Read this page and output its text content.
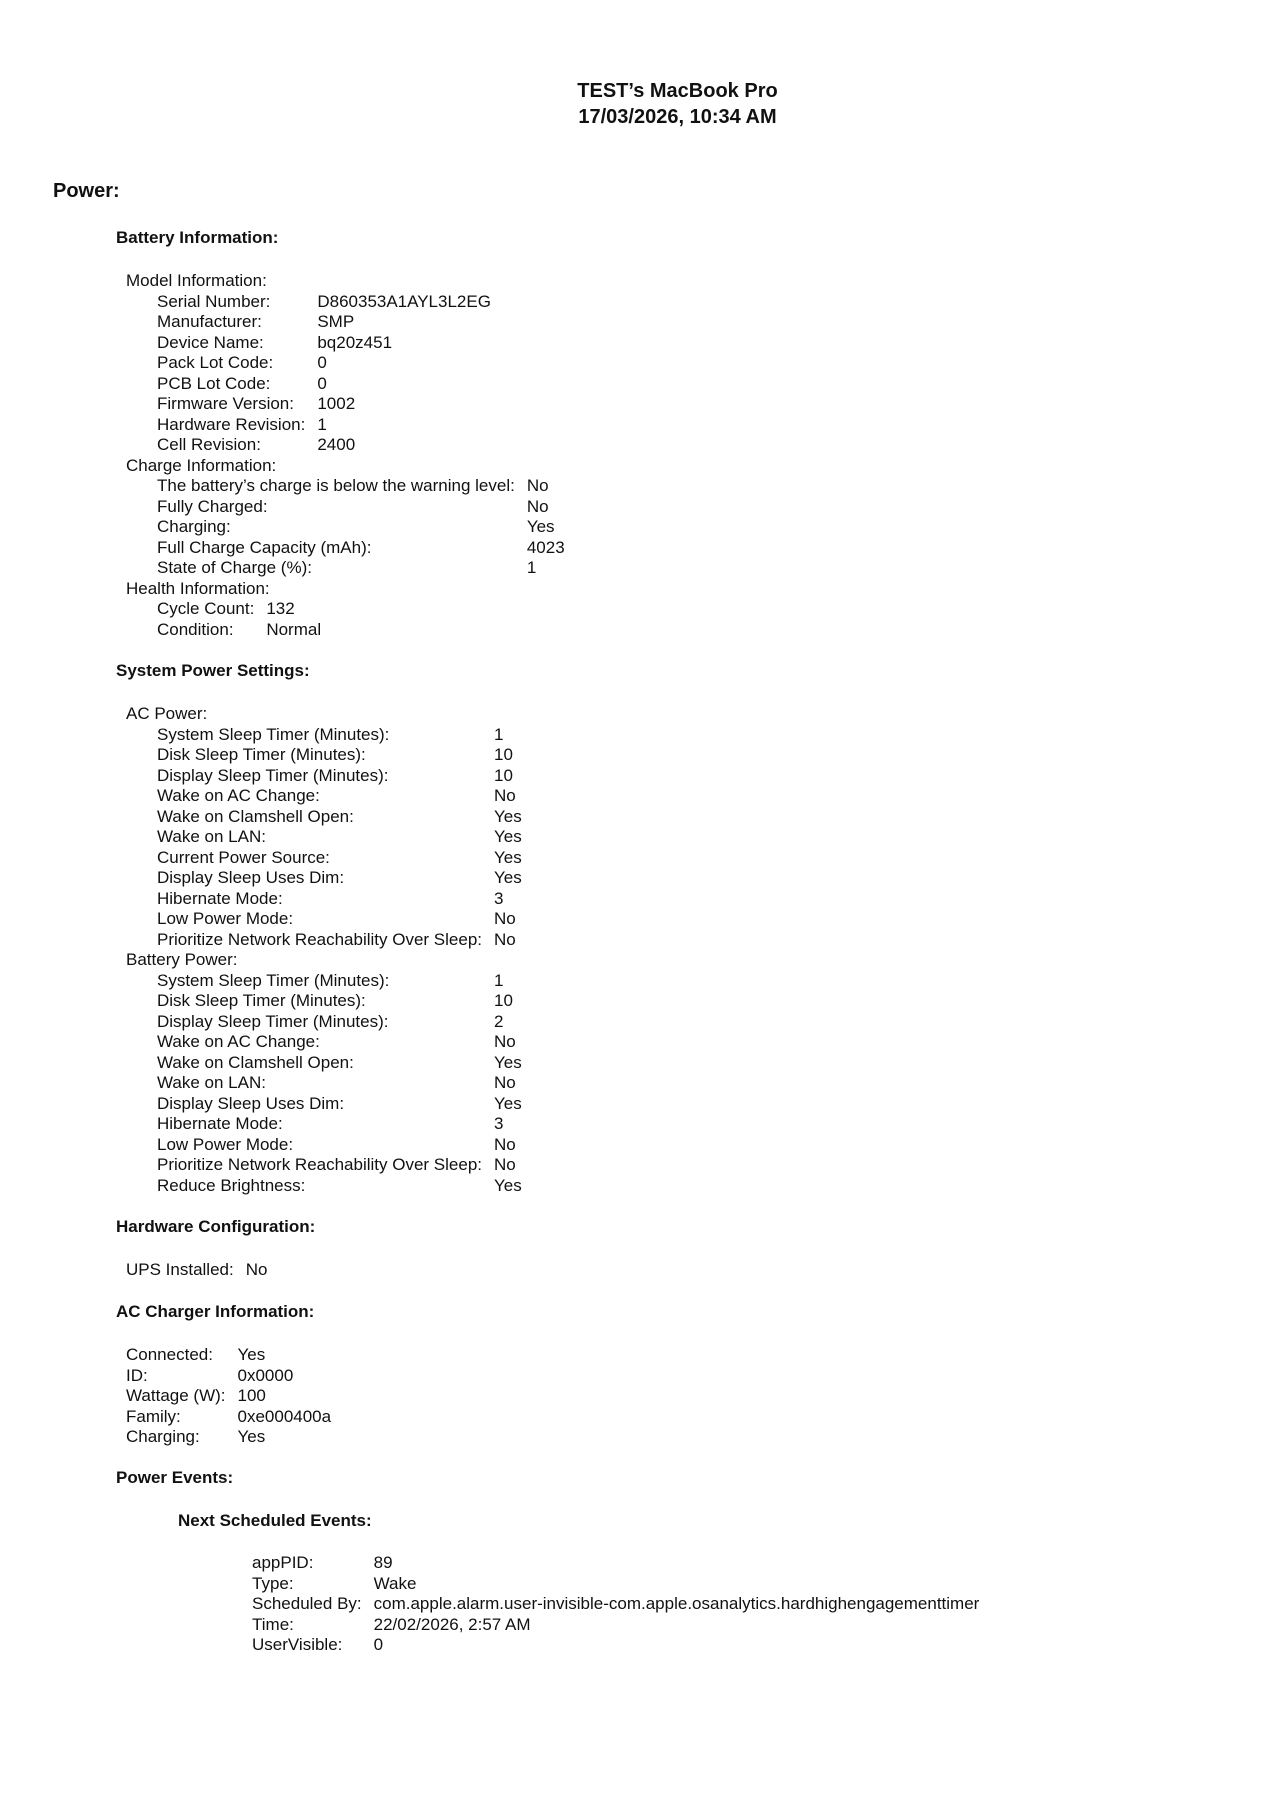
TEST’s MacBook Pro
17/03/2026, 10:34 AM
Power:
Battery Information:
Model Information:
Serial Number:	D860353A1AYL3L2EG
Manufacturer:	SMP
Device Name:	bq20z451
Pack Lot Code:	0
PCB Lot Code:	0
Firmware Version:	1002
Hardware Revision:	1
Cell Revision:	2400
Charge Information:
The battery’s charge is below the warning level:	No
Fully Charged:	No
Charging:	Yes
Full Charge Capacity (mAh):	4023
State of Charge (%):	1
Health Information:
Cycle Count:	132
Condition:	Normal
System Power Settings:
AC Power:
System Sleep Timer (Minutes):	1
Disk Sleep Timer (Minutes):	10
Display Sleep Timer (Minutes):	10
Wake on AC Change:	No
Wake on Clamshell Open:	Yes
Wake on LAN:	Yes
Current Power Source:	Yes
Display Sleep Uses Dim:	Yes
Hibernate Mode:	3
Low Power Mode:	No
Prioritize Network Reachability Over Sleep:	No
Battery Power:
System Sleep Timer (Minutes):	1
Disk Sleep Timer (Minutes):	10
Display Sleep Timer (Minutes):	2
Wake on AC Change:	No
Wake on Clamshell Open:	Yes
Wake on LAN:	No
Display Sleep Uses Dim:	Yes
Hibernate Mode:	3
Low Power Mode:	No
Prioritize Network Reachability Over Sleep:	No
Reduce Brightness:	Yes
Hardware Configuration:
UPS Installed:	No
AC Charger Information:
Connected:	Yes
ID:	0x0000
Wattage (W):	100
Family:	0xe000400a
Charging:	Yes
Power Events:
Next Scheduled Events:
appPID:	89
Type:	Wake
Scheduled By:	com.apple.alarm.user-invisible-com.apple.osanalytics.hardhighengagementtimer
Time:	22/02/2026, 2:57 AM
UserVisible:	0
